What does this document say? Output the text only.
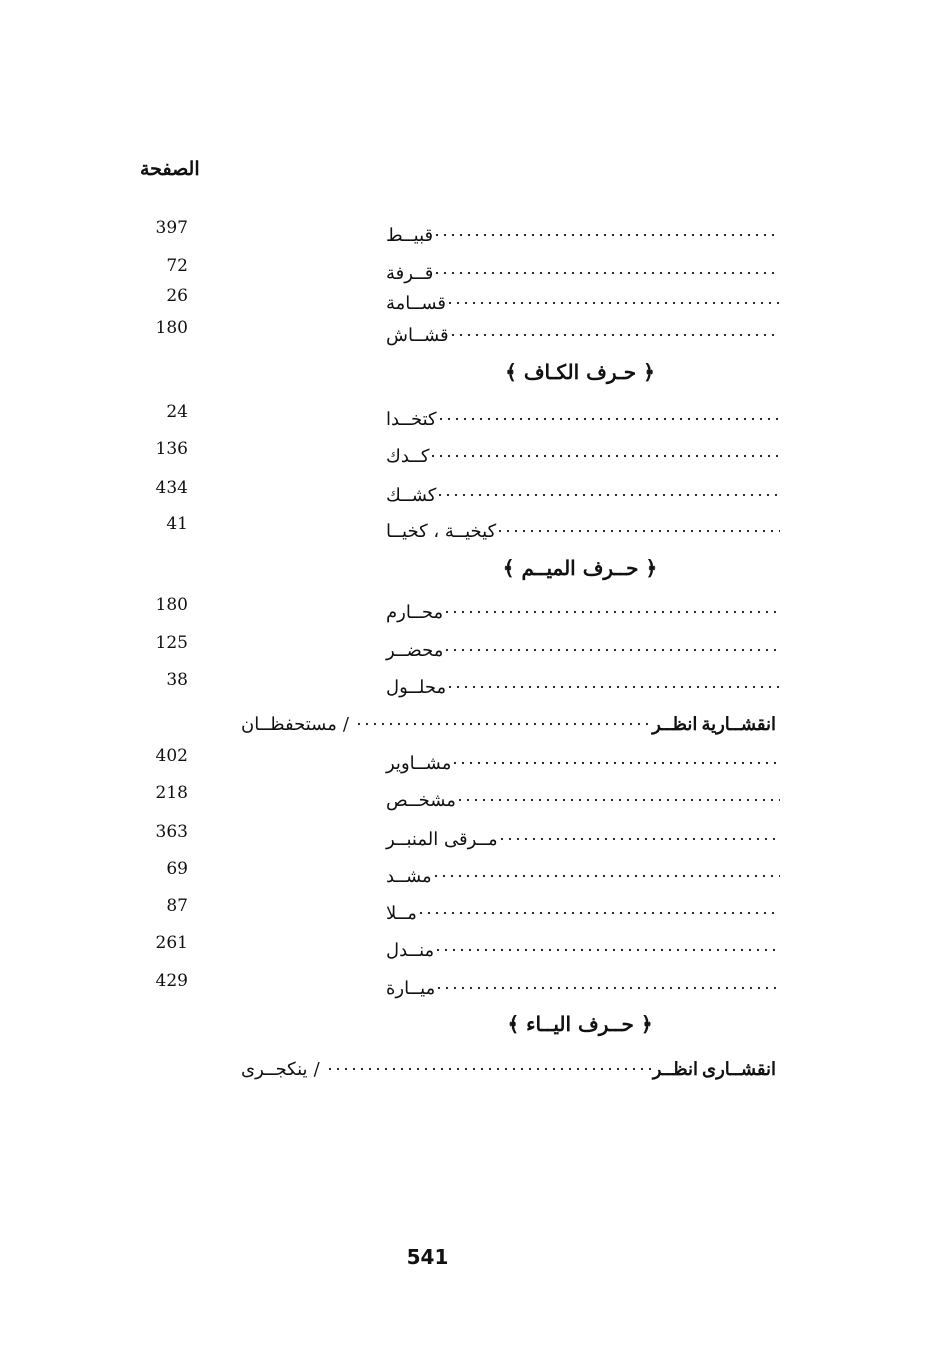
الصفحة
397	قبيــط
72	قــرفة
26	قســامة
180	قشــاش
﴿ حـرف الكـاف ﴾
24	كتخــدا
136	كــدك
434	كشــك
41	كيخيــة ، كخيــا
﴿ حــرف الميــم ﴾
180	محــارم
125	محضــر
38	محلــول
مستحفظــان /	انظــر انقشــارية
402	مشــاوير
218	مشخــص
363	مــرقى المنبــر
69	مشــد
87	مــلا
261	منــدل
429	ميــارة
﴿ حــرف اليــاء ﴾
ينكجــرى /	انظــر انقشــارى
541
